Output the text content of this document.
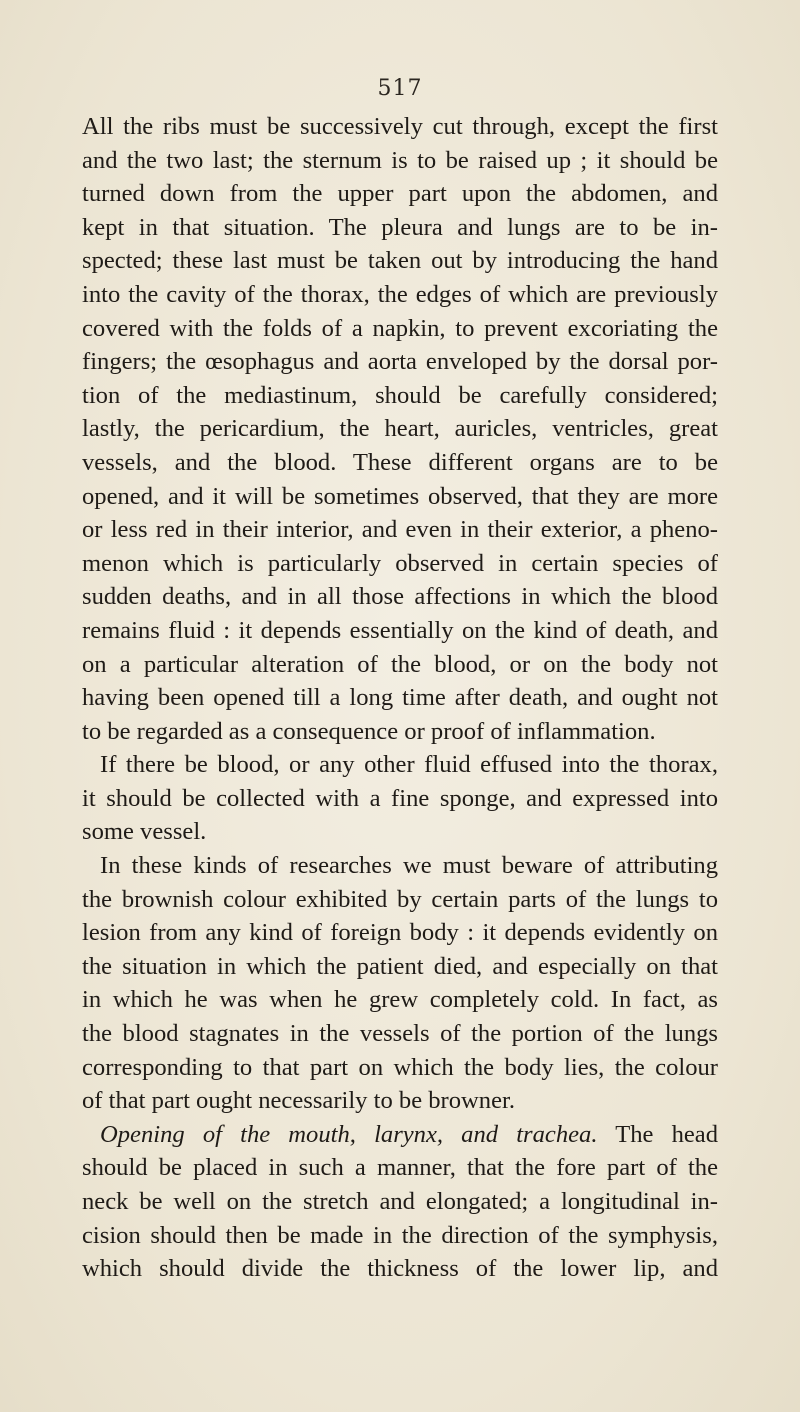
517
All the ribs must be successively cut through, except the first
and the two last; the sternum is to be raised up ; it should be
turned down from the upper part upon the abdomen, and
kept in that situation. The pleura and lungs are to be in-
spected; these last must be taken out by introducing the hand
into the cavity of the thorax, the edges of which are previously
covered with the folds of a napkin, to prevent excoriating the
fingers; the œsophagus and aorta enveloped by the dorsal por-
tion of the mediastinum, should be carefully considered;
lastly, the pericardium, the heart, auricles, ventricles, great
vessels, and the blood. These different organs are to be
opened, and it will be sometimes observed, that they are more
or less red in their interior, and even in their exterior, a pheno-
menon which is particularly observed in certain species of
sudden deaths, and in all those affections in which the blood
remains fluid : it depends essentially on the kind of death, and
on a particular alteration of the blood, or on the body not
having been opened till a long time after death, and ought not
to be regarded as a consequence or proof of inflammation.
If there be blood, or any other fluid effused into the thorax,
it should be collected with a fine sponge, and expressed into
some vessel.
In these kinds of researches we must beware of attributing
the brownish colour exhibited by certain parts of the lungs to
lesion from any kind of foreign body : it depends evidently on
the situation in which the patient died, and especially on that
in which he was when he grew completely cold. In fact, as
the blood stagnates in the vessels of the portion of the lungs
corresponding to that part on which the body lies, the colour
of that part ought necessarily to be browner.
Opening of the mouth, larynx, and trachea. The head
should be placed in such a manner, that the fore part of the
neck be well on the stretch and elongated; a longitudinal in-
cision should then be made in the direction of the symphysis,
which should divide the thickness of the lower lip, and
